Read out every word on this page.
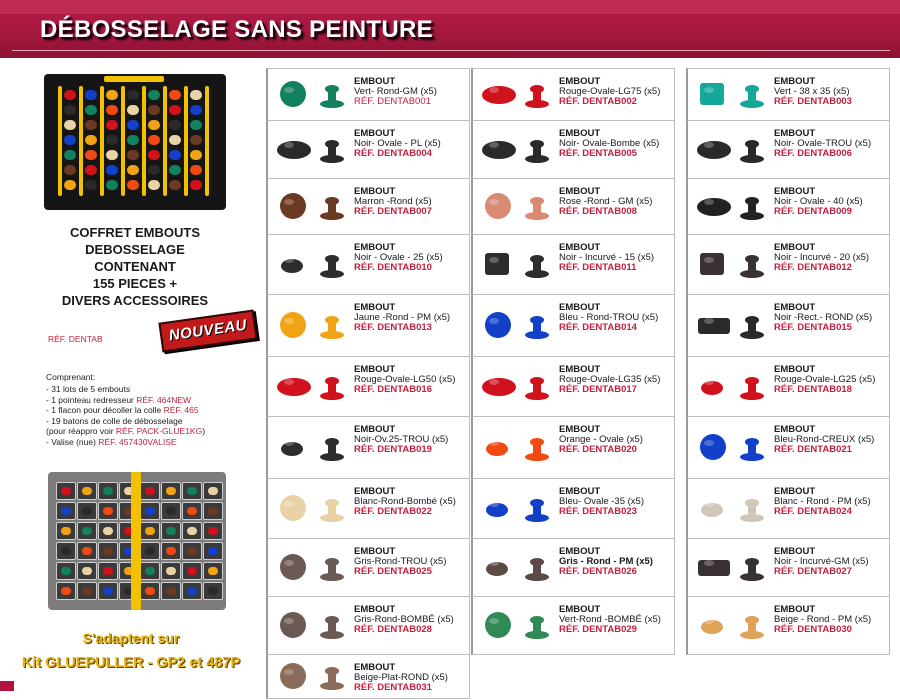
DÉBOSSELAGE SANS PEINTURE
COFFRET EMBOUTS
DEBOSSELAGE
CONTENANT
155 PIECES +
DIVERS ACCESSOIRES
RÉF. DENTAB	NOUVEAU
Comprenant:
- 31 lots de 5 embouts
- 1 pointeau redresseur RÉF. 464NEW
- 1 flacon pour décoller la colle RÉF. 465
- 19 batons de colle de débosselage
(pour réappro voir RÉF. PACK-GLUE1KG)
- Valise (nue) RÉF. 457430VALISE
S'adaptent sur
Kit GLUEPULLER - GP2 et 487P
EMBOUT
Vert- Rond-GM (x5)
RÉF. DENTAB001
EMBOUT
Rouge-Ovale-LG75 (x5)
RÉF. DENTAB002
EMBOUT
Vert - 38 x 35 (x5)
RÉF. DENTAB003
EMBOUT
Noir- Ovale - PL (x5)
RÉF. DENTAB004
EMBOUT
Noir- Ovale-Bombe (x5)
RÉF. DENTAB005
EMBOUT
Noir- Ovale-TROU (x5)
RÉF. DENTAB006
EMBOUT
Marron -Rond (x5)
RÉF. DENTAB007
EMBOUT
Rose -Rond - GM (x5)
RÉF. DENTAB008
EMBOUT
Noir - Ovale - 40 (x5)
RÉF. DENTAB009
EMBOUT
Noir - Ovale - 25 (x5)
RÉF. DENTAB010
EMBOUT
Noir - Incurvé - 15 (x5)
RÉF. DENTAB011
EMBOUT
Noir - Incurvé - 20 (x5)
RÉF. DENTAB012
EMBOUT
Jaune -Rond - PM (x5)
RÉF. DENTAB013
EMBOUT
Bleu - Rond-TROU (x5)
RÉF. DENTAB014
EMBOUT
Noir -Rect.- ROND (x5)
RÉF. DENTAB015
EMBOUT
Rouge-Ovale-LG50 (x5)
RÉF. DENTAB016
EMBOUT
Rouge-Ovale-LG35 (x5)
RÉF. DENTAB017
EMBOUT
Rouge-Ovale-LG25 (x5)
RÉF. DENTAB018
EMBOUT
Noir-Ov.25-TROU (x5)
RÉF. DENTAB019
EMBOUT
Orange - Ovale (x5)
RÉF. DENTAB020
EMBOUT
Bleu-Rond-CREUX (x5)
RÉF. DENTAB021
EMBOUT
Blanc-Rond-Bombé (x5)
RÉF. DENTAB022
EMBOUT
Bleu- Ovale -35 (x5)
RÉF. DENTAB023
EMBOUT
Blanc - Rond - PM (x5)
RÉF. DENTAB024
EMBOUT
Gris-Rond-TROU (x5)
RÉF. DENTAB025
EMBOUT
Gris - Rond - PM (x5)
RÉF. DENTAB026
EMBOUT
Noir - Incurvé-GM (x5)
RÉF. DENTAB027
EMBOUT
Gris-Rond-BOMBÉ (x5)
RÉF. DENTAB028
EMBOUT
Vert-Rond -BOMBÉ (x5)
RÉF. DENTAB029
EMBOUT
Beige - Rond - PM (x5)
RÉF. DENTAB030
EMBOUT
Beige-Plat-ROND (x5)
RÉF. DENTAB031
